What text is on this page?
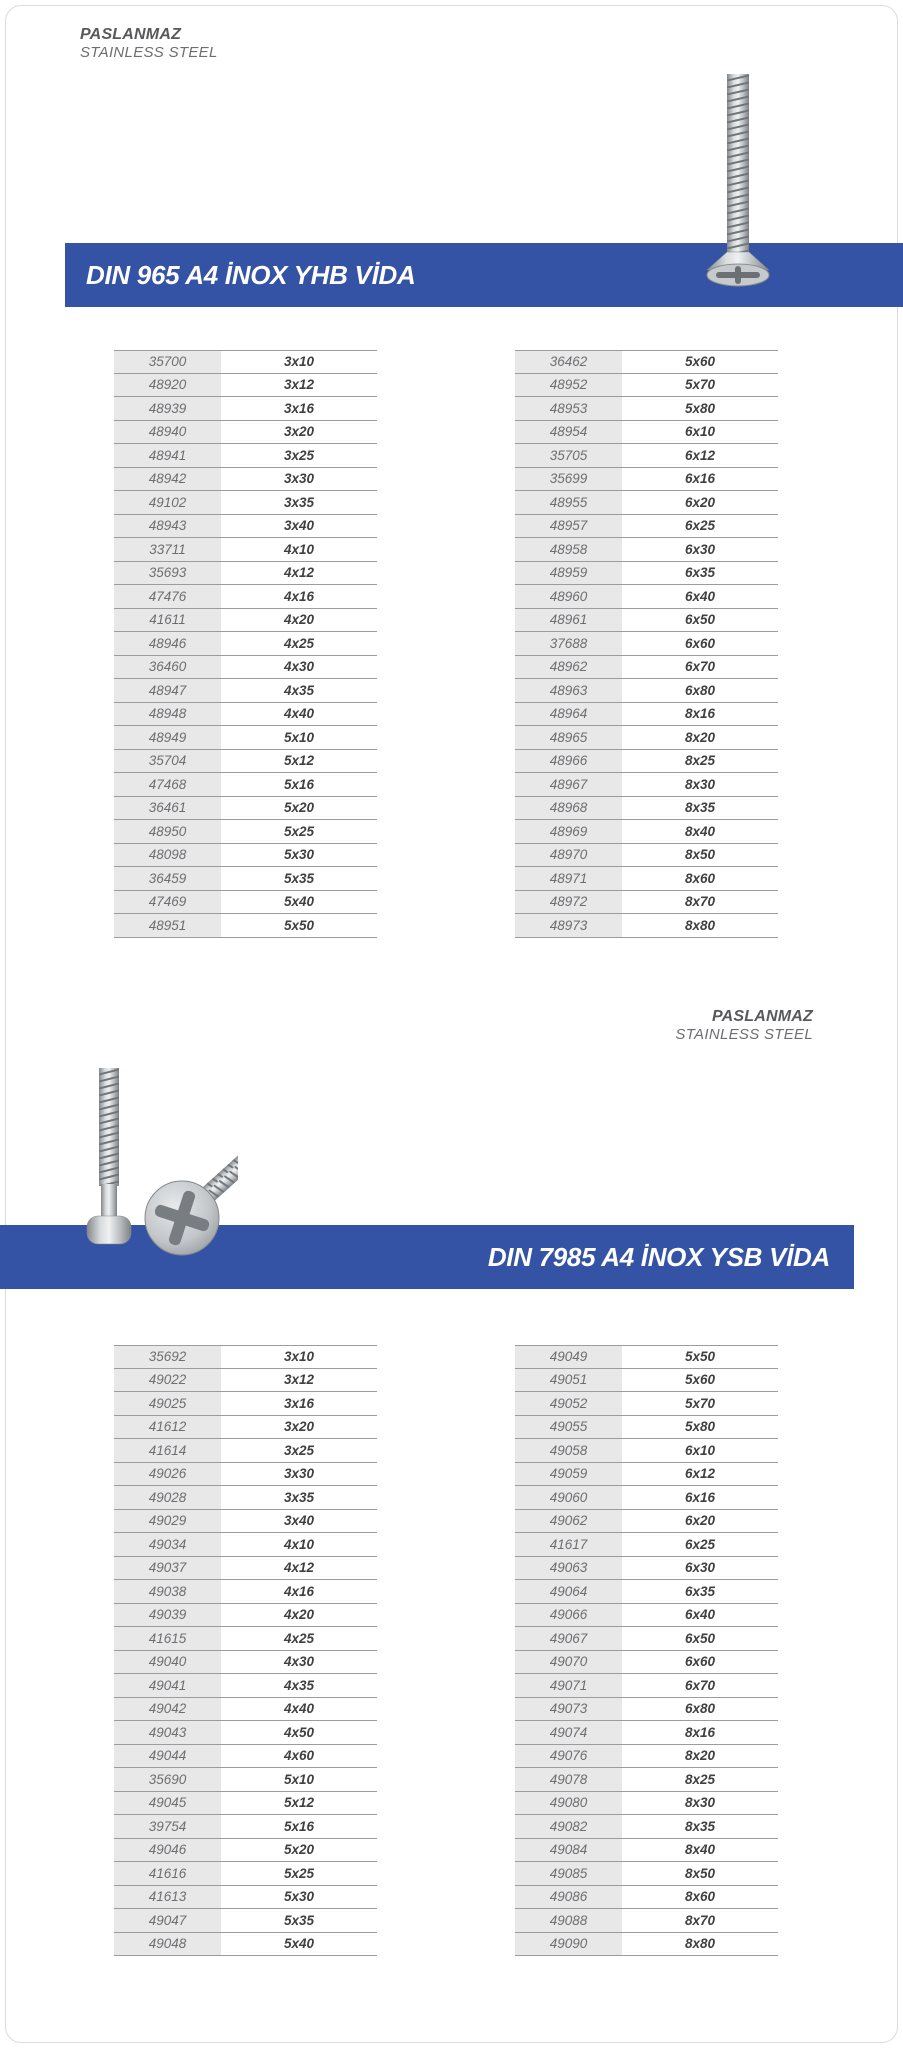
PASLANMAZ
STAINLESS STEEL
DIN 965 A4 İNOX YHB VİDA
35700	3x10
48920	3x12
48939	3x16
48940	3x20
48941	3x25
48942	3x30
49102	3x35
48943	3x40
33711	4x10
35693	4x12
47476	4x16
41611	4x20
48946	4x25
36460	4x30
48947	4x35
48948	4x40
48949	5x10
35704	5x12
47468	5x16
36461	5x20
48950	5x25
48098	5x30
36459	5x35
47469	5x40
48951	5x50
36462	5x60
48952	5x70
48953	5x80
48954	6x10
35705	6x12
35699	6x16
48955	6x20
48957	6x25
48958	6x30
48959	6x35
48960	6x40
48961	6x50
37688	6x60
48962	6x70
48963	6x80
48964	8x16
48965	8x20
48966	8x25
48967	8x30
48968	8x35
48969	8x40
48970	8x50
48971	8x60
48972	8x70
48973	8x80
PASLANMAZ
STAINLESS STEEL
DIN 7985 A4 İNOX YSB VİDA
35692	3x10
49022	3x12
49025	3x16
41612	3x20
41614	3x25
49026	3x30
49028	3x35
49029	3x40
49034	4x10
49037	4x12
49038	4x16
49039	4x20
41615	4x25
49040	4x30
49041	4x35
49042	4x40
49043	4x50
49044	4x60
35690	5x10
49045	5x12
39754	5x16
49046	5x20
41616	5x25
41613	5x30
49047	5x35
49048	5x40
49049	5x50
49051	5x60
49052	5x70
49055	5x80
49058	6x10
49059	6x12
49060	6x16
49062	6x20
41617	6x25
49063	6x30
49064	6x35
49066	6x40
49067	6x50
49070	6x60
49071	6x70
49073	6x80
49074	8x16
49076	8x20
49078	8x25
49080	8x30
49082	8x35
49084	8x40
49085	8x50
49086	8x60
49088	8x70
49090	8x80
